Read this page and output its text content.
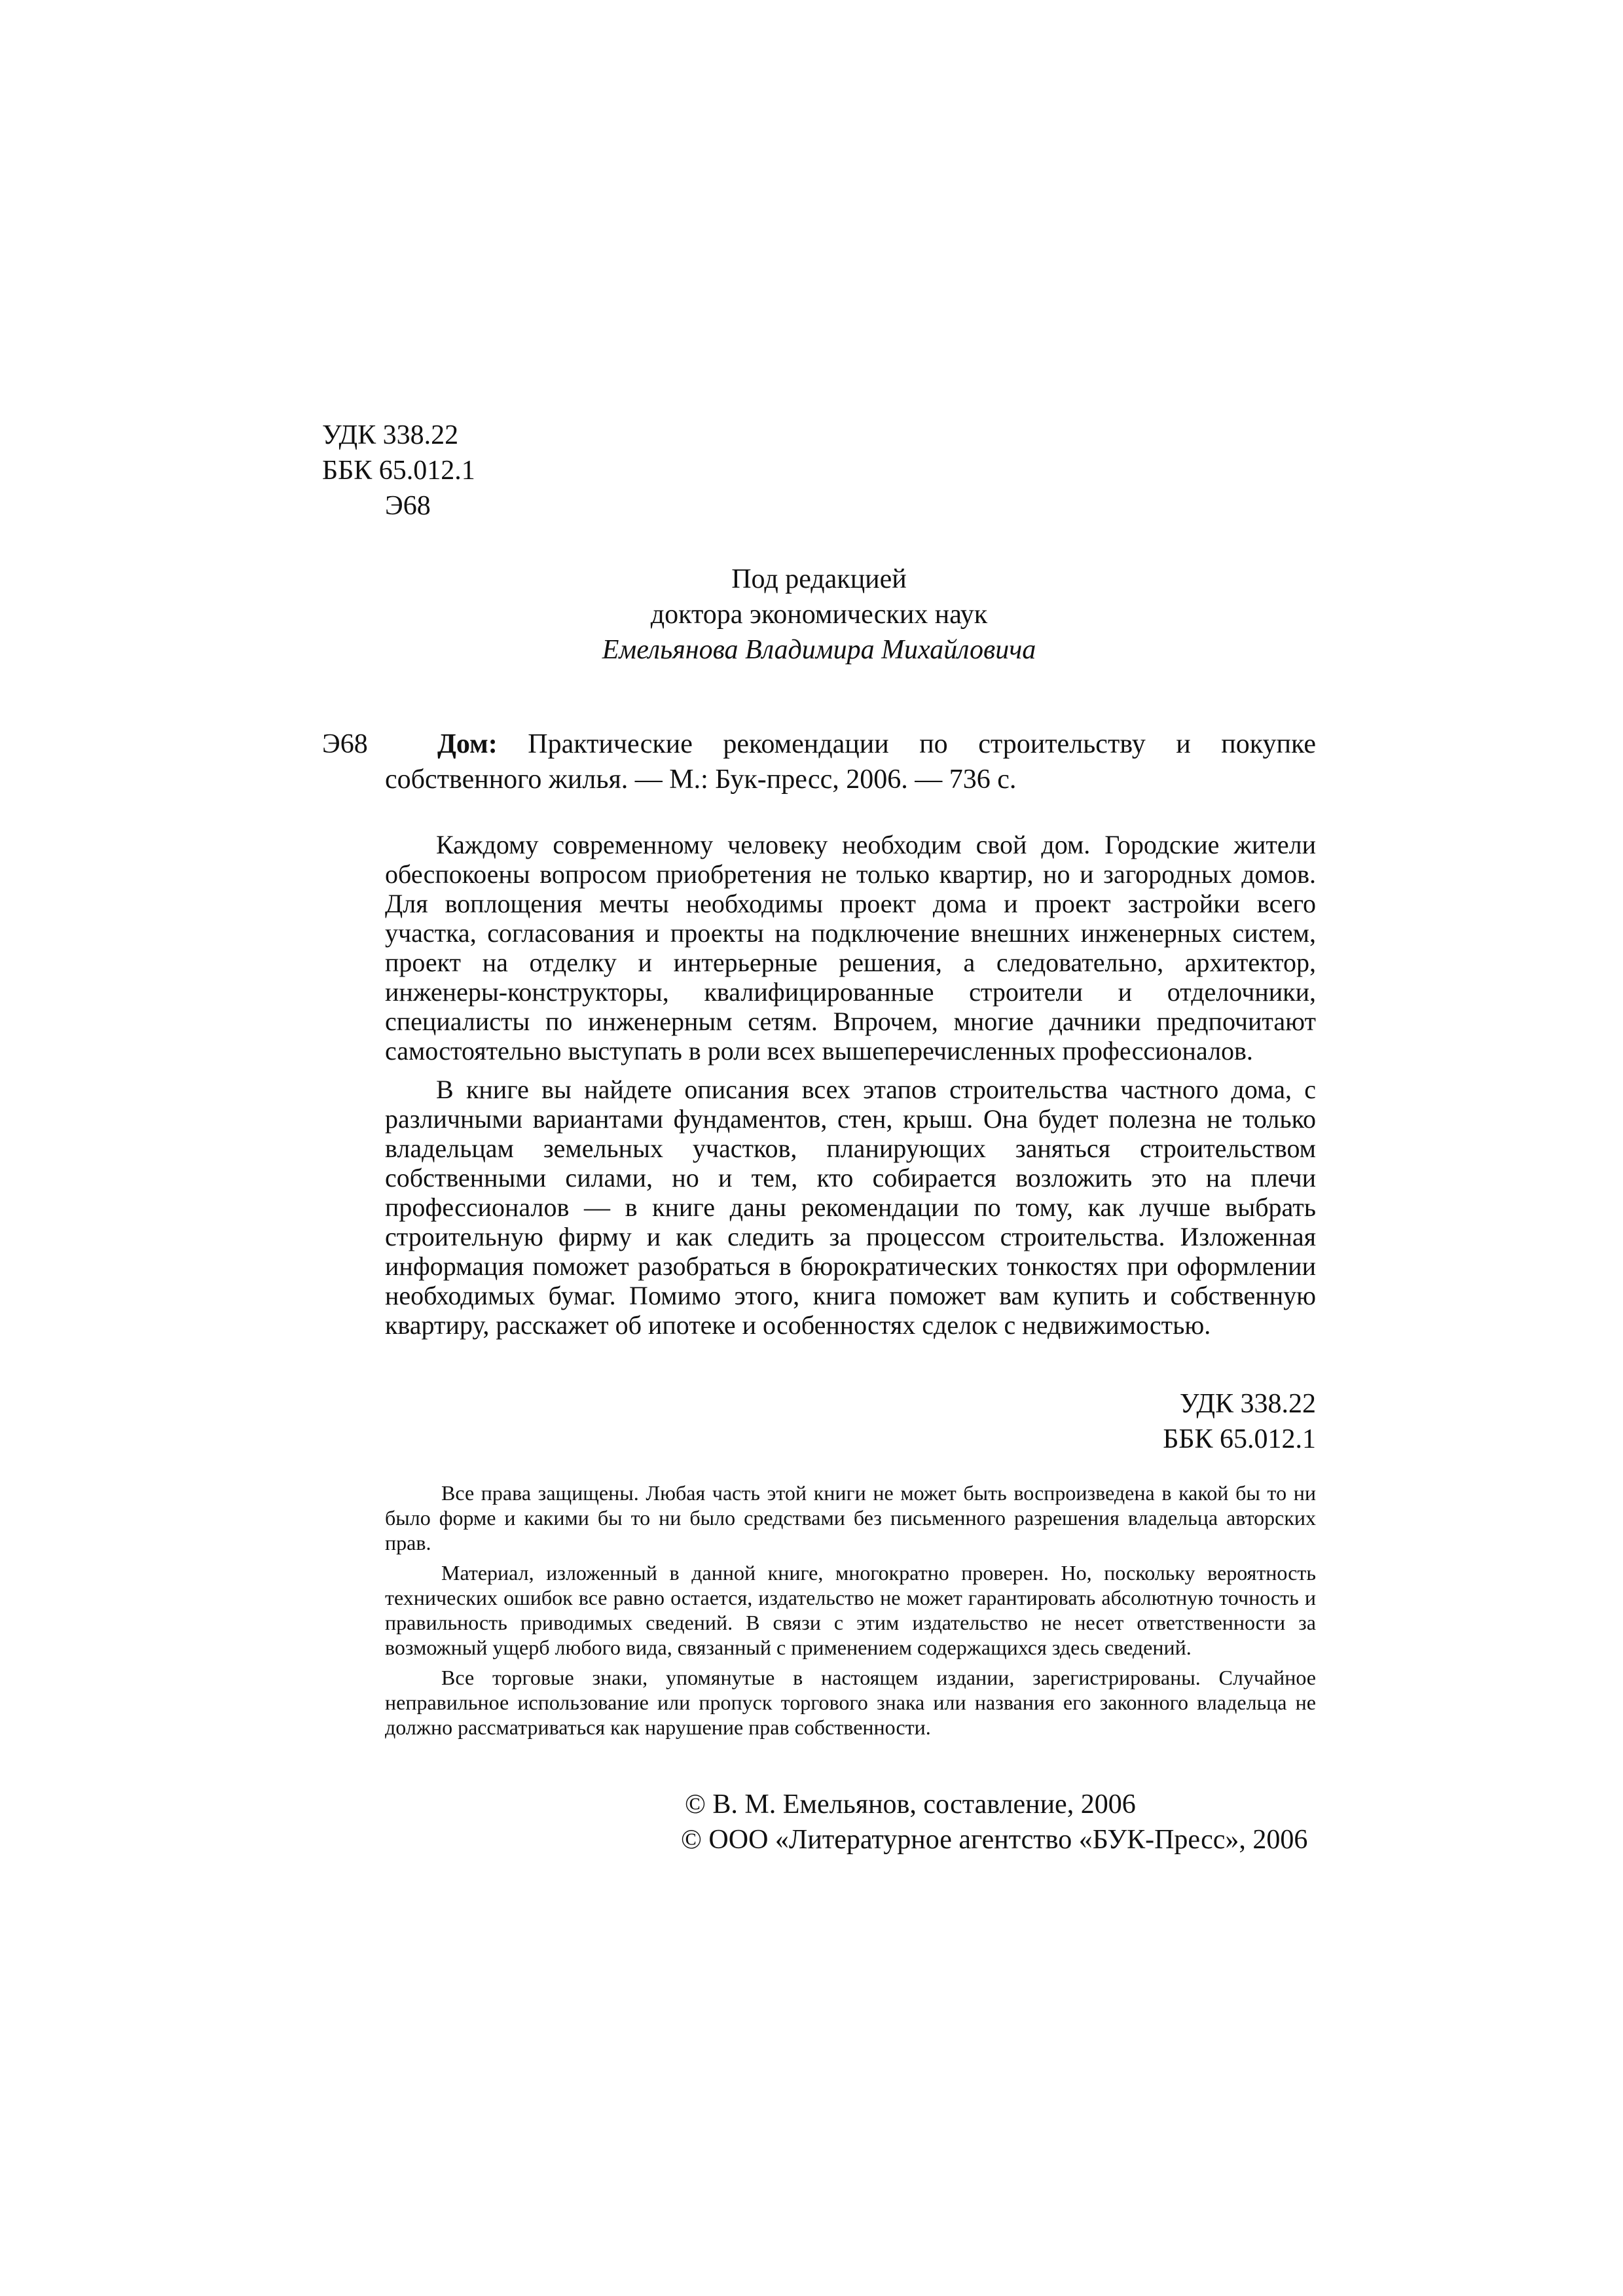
УДК 338.22
ББК 65.012.1
Э68
Под редакцией
доктора экономических наук
Емельянова Владимира Михайловича
Э68	Дом: Практические рекомендации по строительству и покупке собственного жилья. — М.: Бук-пресс, 2006. — 736 с.

Каждому современному человеку необходим свой дом. Городские жители обеспокоены вопросом приобретения не только квартир, но и загородных домов. Для воплощения мечты необходимы проект дома и проект застройки всего участка, согласования и проекты на подключение внешних инженерных систем, проект на отделку и интерьерные решения, а следовательно, архитектор, инженеры-конструкторы, квалифицированные строители и отделочники, специалисты по инженерным сетям. Впрочем, многие дачники предпочитают самостоятельно выступать в роли всех вышеперечисленных профессионалов.

В книге вы найдете описания всех этапов строительства частного дома, с различными вариантами фундаментов, стен, крыш. Она будет полезна не только владельцам земельных участков, планирующих заняться строительством собственными силами, но и тем, кто собирается возложить это на плечи профессионалов — в книге даны рекомендации по тому, как лучше выбрать строительную фирму и как следить за процессом строительства. Изложенная информация поможет разобраться в бюрократических тонкостях при оформлении необходимых бумаг. Помимо этого, книга поможет вам купить и собственную квартиру, расскажет об ипотеке и особенностях сделок с недвижимостью.

УДК 338.22
ББК 65.012.1

Все права защищены. Любая часть этой книги не может быть воспроизведена в какой бы то ни было форме и какими бы то ни было средствами без письменного разрешения владельца авторских прав.

Материал, изложенный в данной книге, многократно проверен. Но, поскольку вероятность технических ошибок все равно остается, издательство не может гарантировать абсолютную точность и правильность приводимых сведений. В связи с этим издательство не несет ответственности за возможный ущерб любого вида, связанный с применением содержащихся здесь сведений.

Все торговые знаки, упомянутые в настоящем издании, зарегистрированы. Случайное неправильное использование или пропуск торгового знака или названия его законного владельца не должно рассматриваться как нарушение прав собственности.

© В. М. Емельянов, составление, 2006
© ООО «Литературное агентство «БУК-Пресс», 2006
